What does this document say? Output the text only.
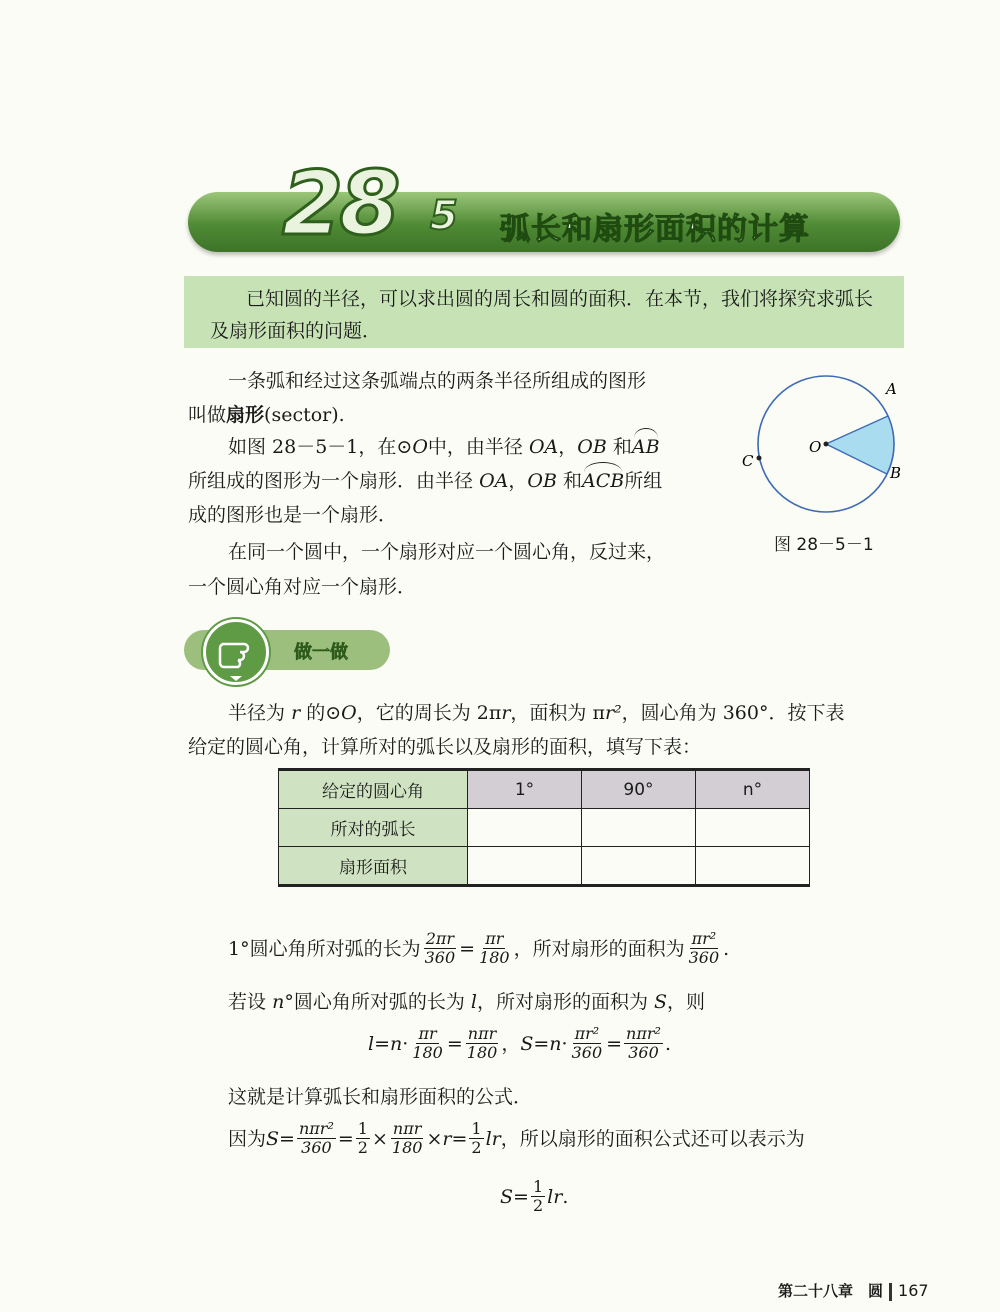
28 5 弧长和扇形面积的计算
已知圆的半径，可以求出圆的周长和圆的面积．在本节，我们将探究求弧长及扇形面积的问题．
一条弧和经过这条弧端点的两条半径所组成的图形
叫做扇形(sector).
如图 28－5－1，在⊙O中，由半径 OA，OB 和AB
所组成的图形为一个扇形．由半径 OA，OB 和ACB所组
成的图形也是一个扇形．
在同一个圆中，一个扇形对应一个圆心角，反过来，
一个圆心角对应一个扇形．
A
B
C
O
图 28－5－1
做一做
半径为 r 的⊙O，它的周长为 2πr，面积为 πr²，圆心角为 360°．按下表
给定的圆心角，计算所对的弧长以及扇形的面积，填写下表：
给定的圆心角	1°	90°	n°
所对的弧长			
扇形面积			
1°圆心角所对弧的长为 $\frac{2\pi r}{360} = \frac{\pi r}{180}$ ，所对扇形的面积为 $\frac{\text{πr²}}{360}$ .
若设 n°圆心角所对弧的长为 l，所对扇形的面积为 S，则
$l = n \cdot \frac{\pi r}{180} = \frac{\text{nπr}}{180}$ ， $S = n \cdot \frac{\text{πr²}}{360} = \frac{\text{nπr²}}{360}$ .
这就是计算弧长和扇形面积的公式．
因为 $S = \frac{\text{nπr²}}{360} = \frac{1}{2} \times \frac{\text{nπr}}{180} \times r = \frac{1}{2}$ lr ，所以扇形的面积公式还可以表示为
$S = \frac{1}{2}$ lr .
第二十八章　圆 167
